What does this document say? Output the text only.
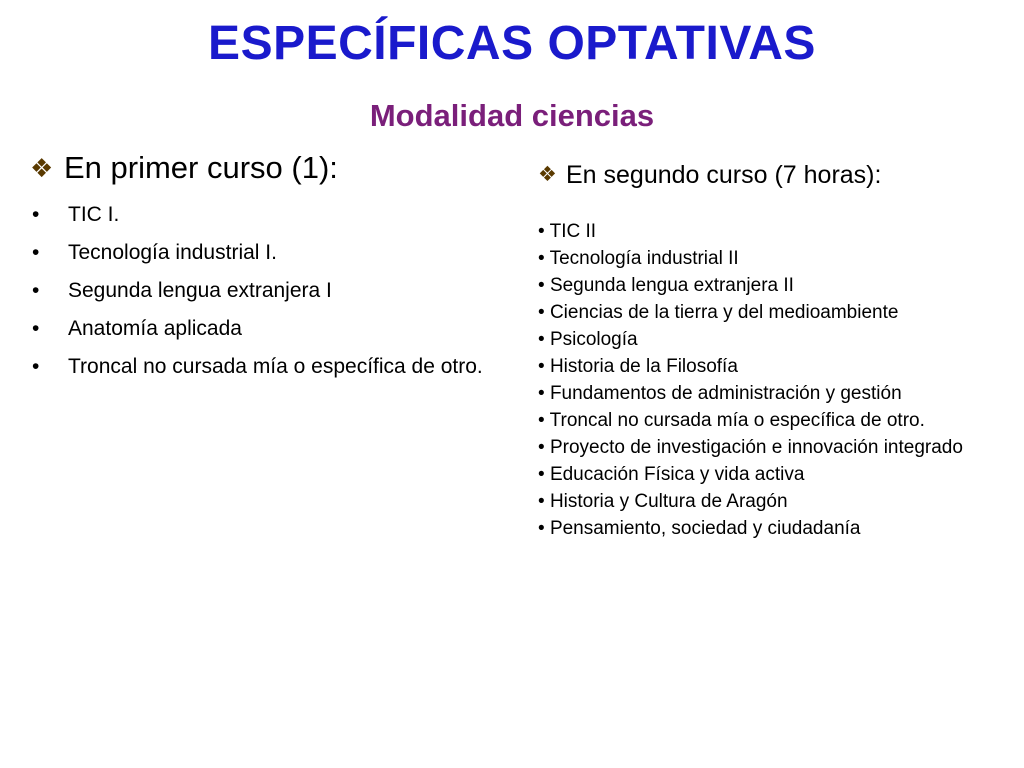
ESPECÍFICAS OPTATIVAS
Modalidad ciencias
❖ En primer curso (1):
• TIC I.
• Tecnología industrial I.
• Segunda lengua extranjera I
• Anatomía aplicada
• Troncal no cursada mía o específica de otro.
❖ En segundo curso (7 horas):
• TIC II
• Tecnología industrial II
• Segunda lengua extranjera II
• Ciencias de la tierra y del medioambiente
• Psicología
• Historia de la Filosofía
• Fundamentos de administración y gestión
• Troncal no cursada mía o específica de otro.
• Proyecto de investigación e innovación integrado
• Educación Física y vida activa
• Historia y Cultura de Aragón
• Pensamiento, sociedad y ciudadanía
